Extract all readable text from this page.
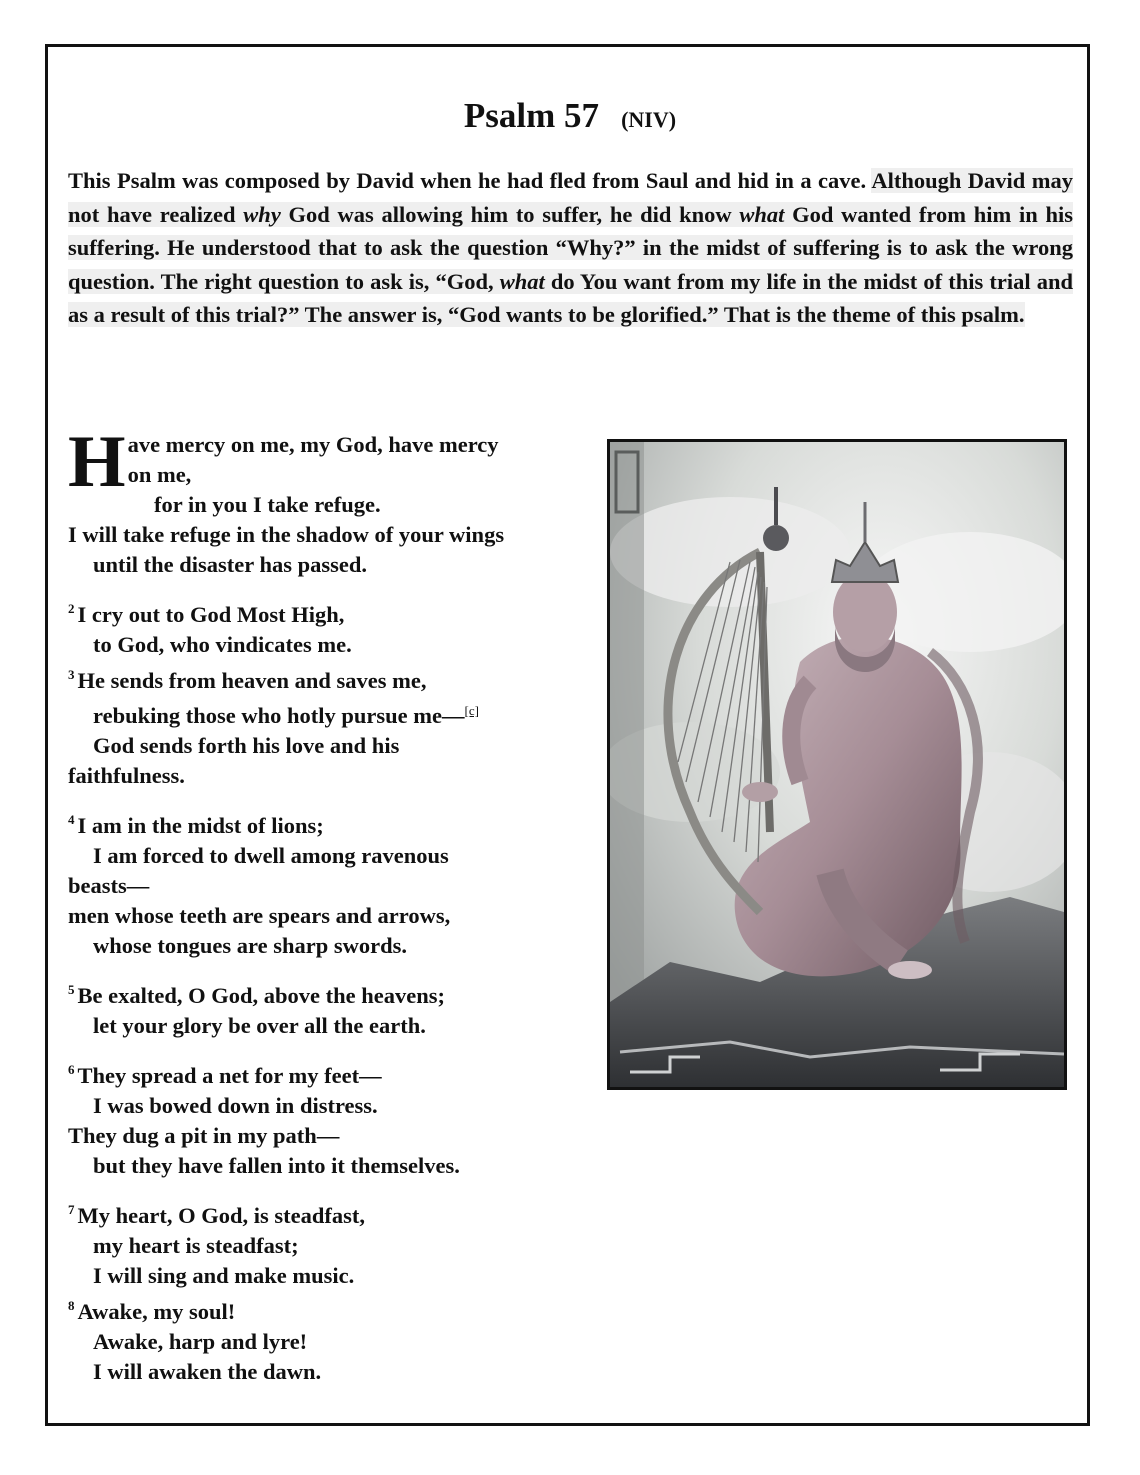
Psalm 57 (NIV)
This Psalm was composed by David when he had fled from Saul and hid in a cave. Although David may not have realized why God was allowing him to suffer, he did know what God wanted from him in his suffering. He understood that to ask the question “Why?” in the midst of suffering is to ask the wrong question. The right question to ask is, “God, what do You want from my life in the midst of this trial and as a result of this trial?” The answer is, “God wants to be glorified.” That is the theme of this psalm.
H ave mercy on me, my God, have mercy
on me,
for in you I take refuge.
I will take refuge in the shadow of your wings
until the disaster has passed.
$^2$ I cry out to God Most High,
to God, who vindicates me.
$^3$ He sends from heaven and saves me,
rebuking those who hotly pursue me—[c]
God sends forth his love and his
faithfulness.
$^4$ I am in the midst of lions;
I am forced to dwell among ravenous
beasts—
men whose teeth are spears and arrows,
whose tongues are sharp swords.
$^5$ Be exalted, O God, above the heavens;
let your glory be over all the earth.
$^6$ They spread a net for my feet—
I was bowed down in distress.
They dug a pit in my path—
but they have fallen into it themselves.
$^7$ My heart, O God, is steadfast,
my heart is steadfast;
I will sing and make music.
$^8$ Awake, my soul!
Awake, harp and lyre!
I will awaken the dawn.
